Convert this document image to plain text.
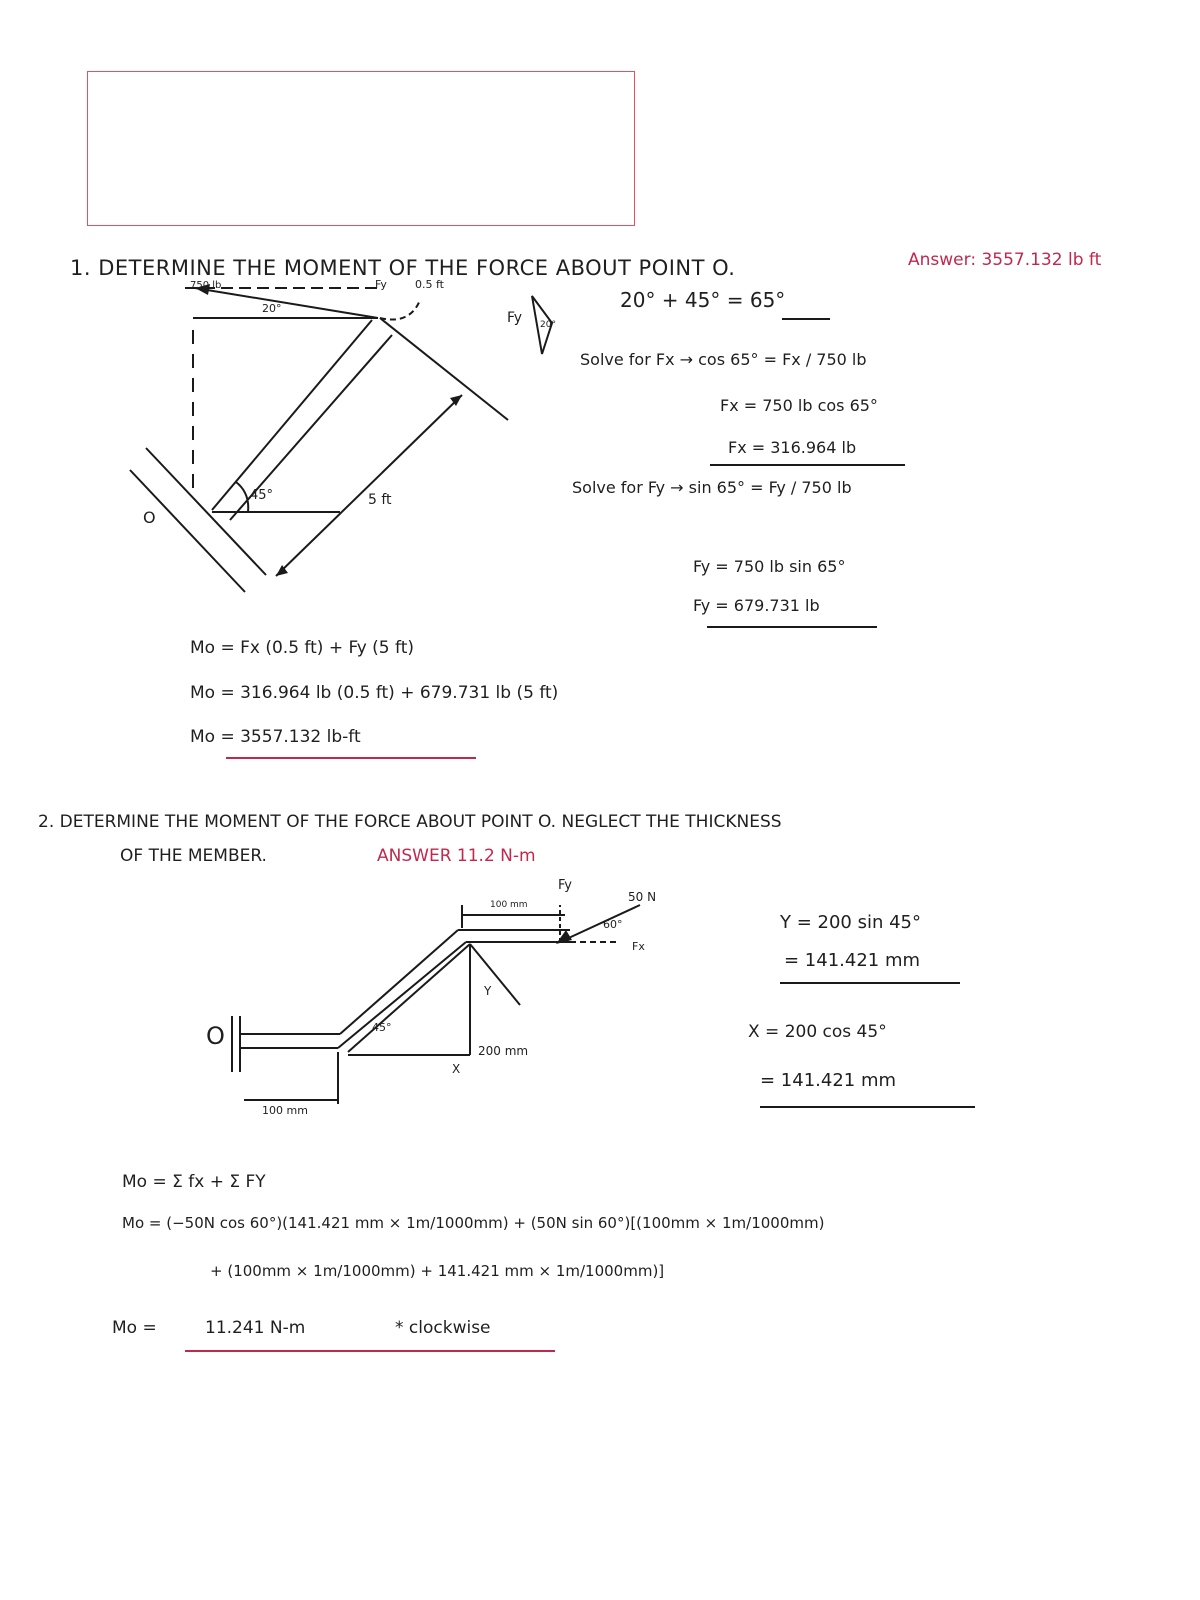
1. DETERMINE THE MOMENT OF THE FORCE ABOUT POINT O.	Answer: 3557.132 lb ft
750 lb
20°
Fy	0.5 ft
45°	5 ft
O
Fy 20°
20° + 45° = 65°
Solve for Fx → cos 65° = Fx / 750 lb
Fx = 750 lb cos 65°
Fx = 316.964 lb
Solve for Fy → sin 65° = Fy / 750 lb
Fy = 750 lb sin 65°
Fy = 679.731 lb
Mo = Fx (0.5 ft) + Fy (5 ft)
Mo = 316.964 lb (0.5 ft) + 679.731 lb (5 ft)
Mo = 3557.132 lb-ft
2. DETERMINE THE MOMENT OF THE FORCE ABOUT POINT O. NEGLECT THE THICKNESS
OF THE MEMBER.	ANSWER 11.2 N-m
O
100 mm
100 mm
45°
200 mm
Y
X
50 N
60°
Fy
Fx
Y = 200 sin 45°
= 141.421 mm
X = 200 cos 45°
= 141.421 mm
Mo = Σ fx + Σ FY
Mo = (−50N cos 60°)(141.421 mm × 1m/1000mm) + (50N sin 60°)[(100mm × 1m/1000mm)
+ (100mm × 1m/1000mm) + 141.421 mm × 1m/1000mm)]
Mo =	11.241 N-m	* clockwise
